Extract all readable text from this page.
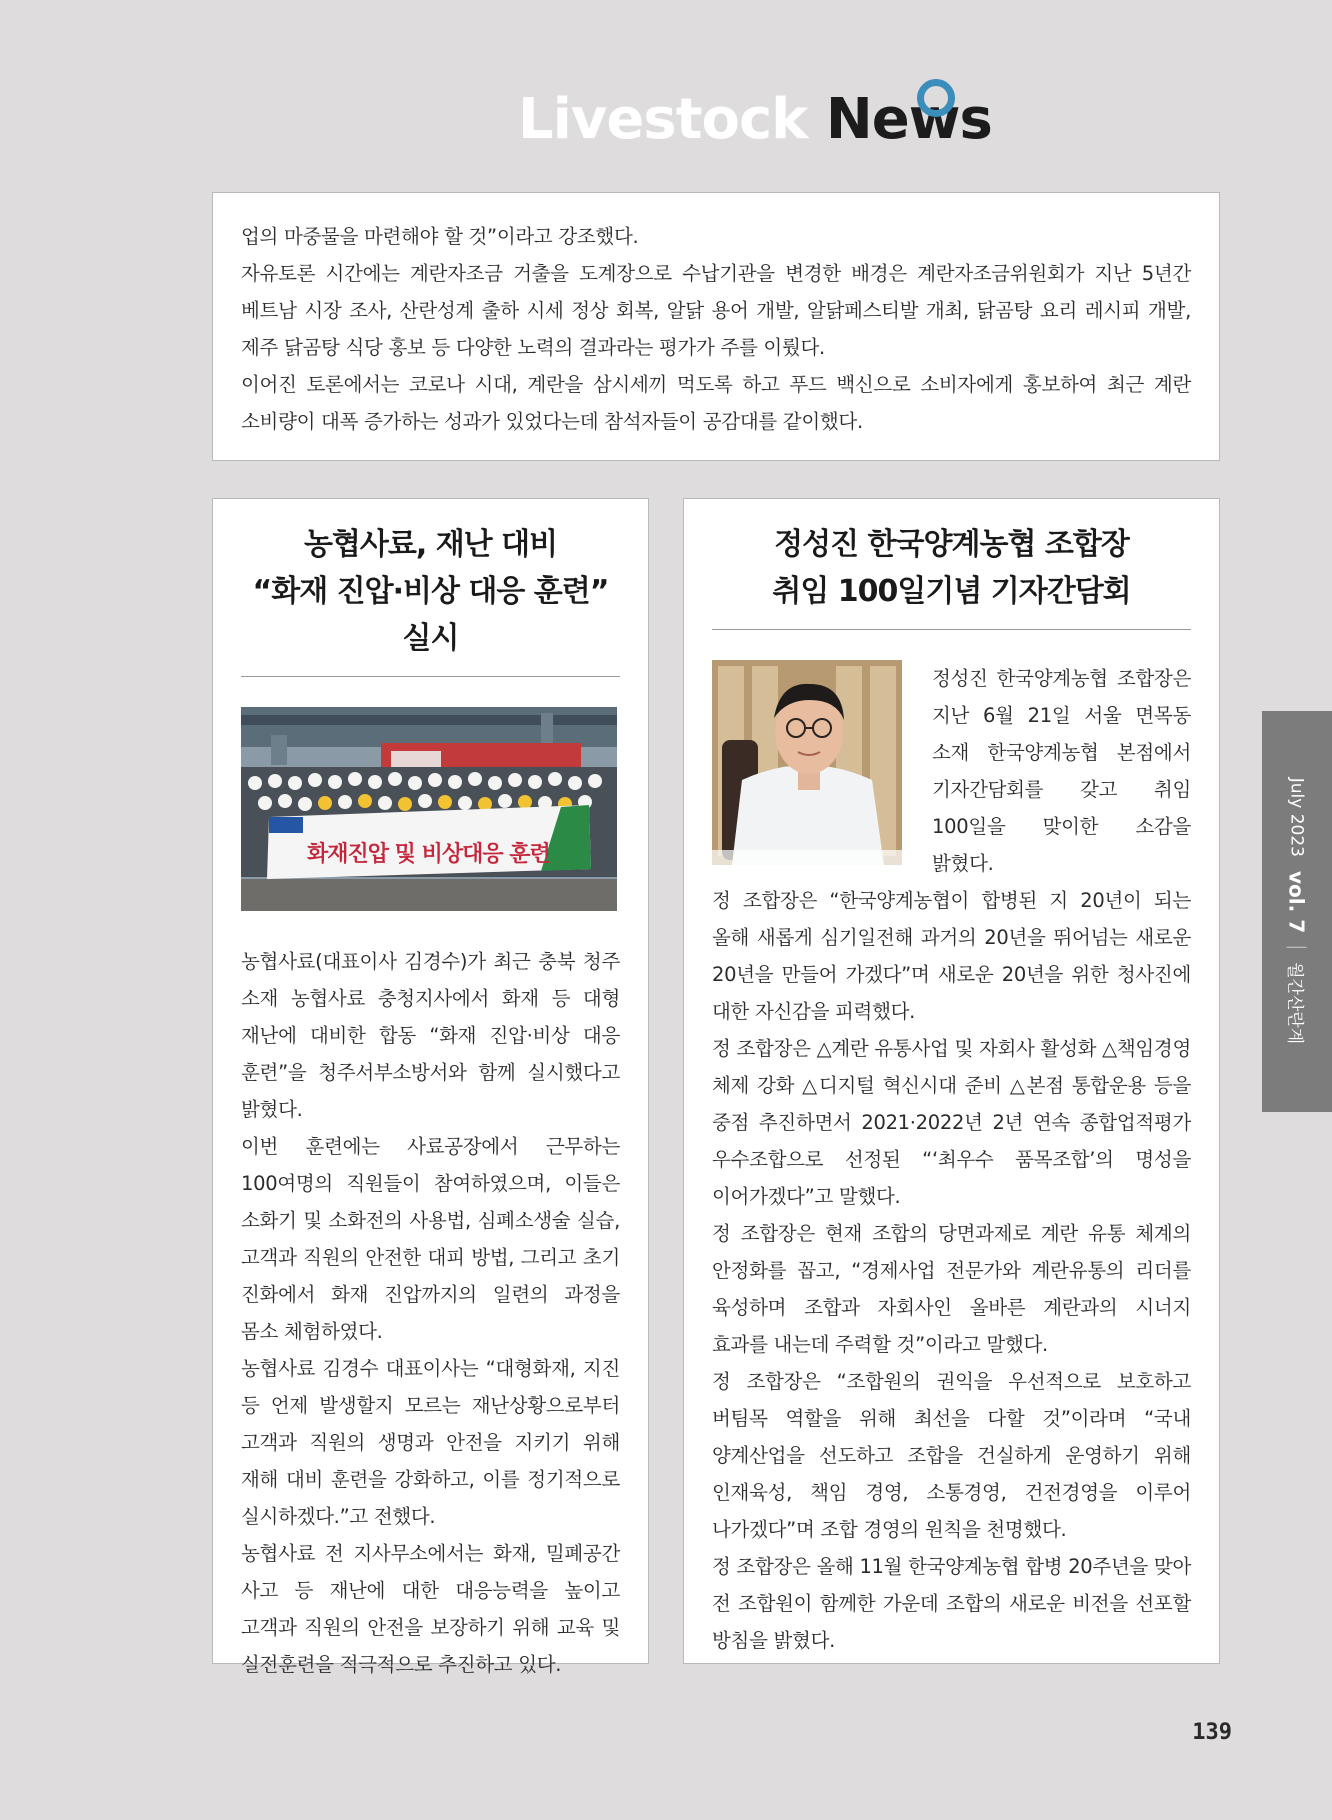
Livestock News

업의 마중물을 마련해야 할 것”이라고 강조했다.

자유토론 시간에는 계란자조금 거출을 도계장으로 수납기관을 변경한 배경은 계란자조금위원회가 지난 5년간 베트남 시장 조사, 산란성계 출하 시세 정상 회복, 알닭 용어 개발, 알닭페스티발 개최, 닭곰탕 요리 레시피 개발, 제주 닭곰탕 식당 홍보 등 다양한 노력의 결과라는 평가가 주를 이뤘다.

이어진 토론에서는 코로나 시대, 계란을 삼시세끼 먹도록 하고 푸드 백신으로 소비자에게 홍보하여 최근 계란 소비량이 대폭 증가하는 성과가 있었다는데 참석자들이 공감대를 같이했다.

농협사료, 재난 대비
“화재 진압·비상 대응 훈련” 실시
화재진압 및 비상대응 훈련

농협사료(대표이사 김경수)가 최근 충북 청주 소재 농협사료 충청지사에서 화재 등 대형 재난에 대비한 합동 “화재 진압·비상 대응 훈련”을 청주서부소방서와 함께 실시했다고 밝혔다.

이번 훈련에는 사료공장에서 근무하는 100여명의 직원들이 참여하였으며, 이들은 소화기 및 소화전의 사용법, 심폐소생술 실습, 고객과 직원의 안전한 대피 방법, 그리고 초기 진화에서 화재 진압까지의 일련의 과정을 몸소 체험하였다.

농협사료 김경수 대표이사는 “대형화재, 지진 등 언제 발생할지 모르는 재난상황으로부터 고객과 직원의 생명과 안전을 지키기 위해 재해 대비 훈련을 강화하고, 이를 정기적으로 실시하겠다.”고 전했다.

농협사료 전 지사무소에서는 화재, 밀폐공간 사고 등 재난에 대한 대응능력을 높이고 고객과 직원의 안전을 보장하기 위해 교육 및 실전훈련을 적극적으로 추진하고 있다.

정성진 한국양계농협 조합장
취임 100일기념 기자간담회

정성진 한국양계농협 조합장은 지난 6월 21일 서울 면목동 소재 한국양계농협 본점에서 기자간담회를 갖고 취임 100일을 맞이한 소감을 밝혔다.

정 조합장은 “한국양계농협이 합병된 지 20년이 되는 올해 새롭게 심기일전해 과거의 20년을 뛰어넘는 새로운 20년을 만들어 가겠다”며 새로운 20년을 위한 청사진에 대한 자신감을 피력했다.

정 조합장은 △계란 유통사업 및 자회사 활성화 △책임경영 체제 강화 △디지털 혁신시대 준비 △본점 통합운용 등을 중점 추진하면서 2021·2022년 2년 연속 종합업적평가 우수조합으로 선정된 “‘최우수 품목조합’의 명성을 이어가겠다”고 말했다.

정 조합장은 현재 조합의 당면과제로 계란 유통 체계의 안정화를 꼽고, “경제사업 전문가와 계란유통의 리더를 육성하며 조합과 자회사인 올바른 계란과의 시너지 효과를 내는데 주력할 것”이라고 말했다.

정 조합장은 “조합원의 권익을 우선적으로 보호하고 버팀목 역할을 위해 최선을 다할 것”이라며 “국내 양계산업을 선도하고 조합을 건실하게 운영하기 위해 인재육성, 책임 경영, 소통경영, 건전경영을 이루어 나가겠다”며 조합 경영의 원칙을 천명했다.

정 조합장은 올해 11월 한국양계농협 합병 20주년을 맞아 전 조합원이 함께한 가운데 조합의 새로운 비전을 선포할 방침을 밝혔다.

July 2023
vol. 7
월간산란계
139
